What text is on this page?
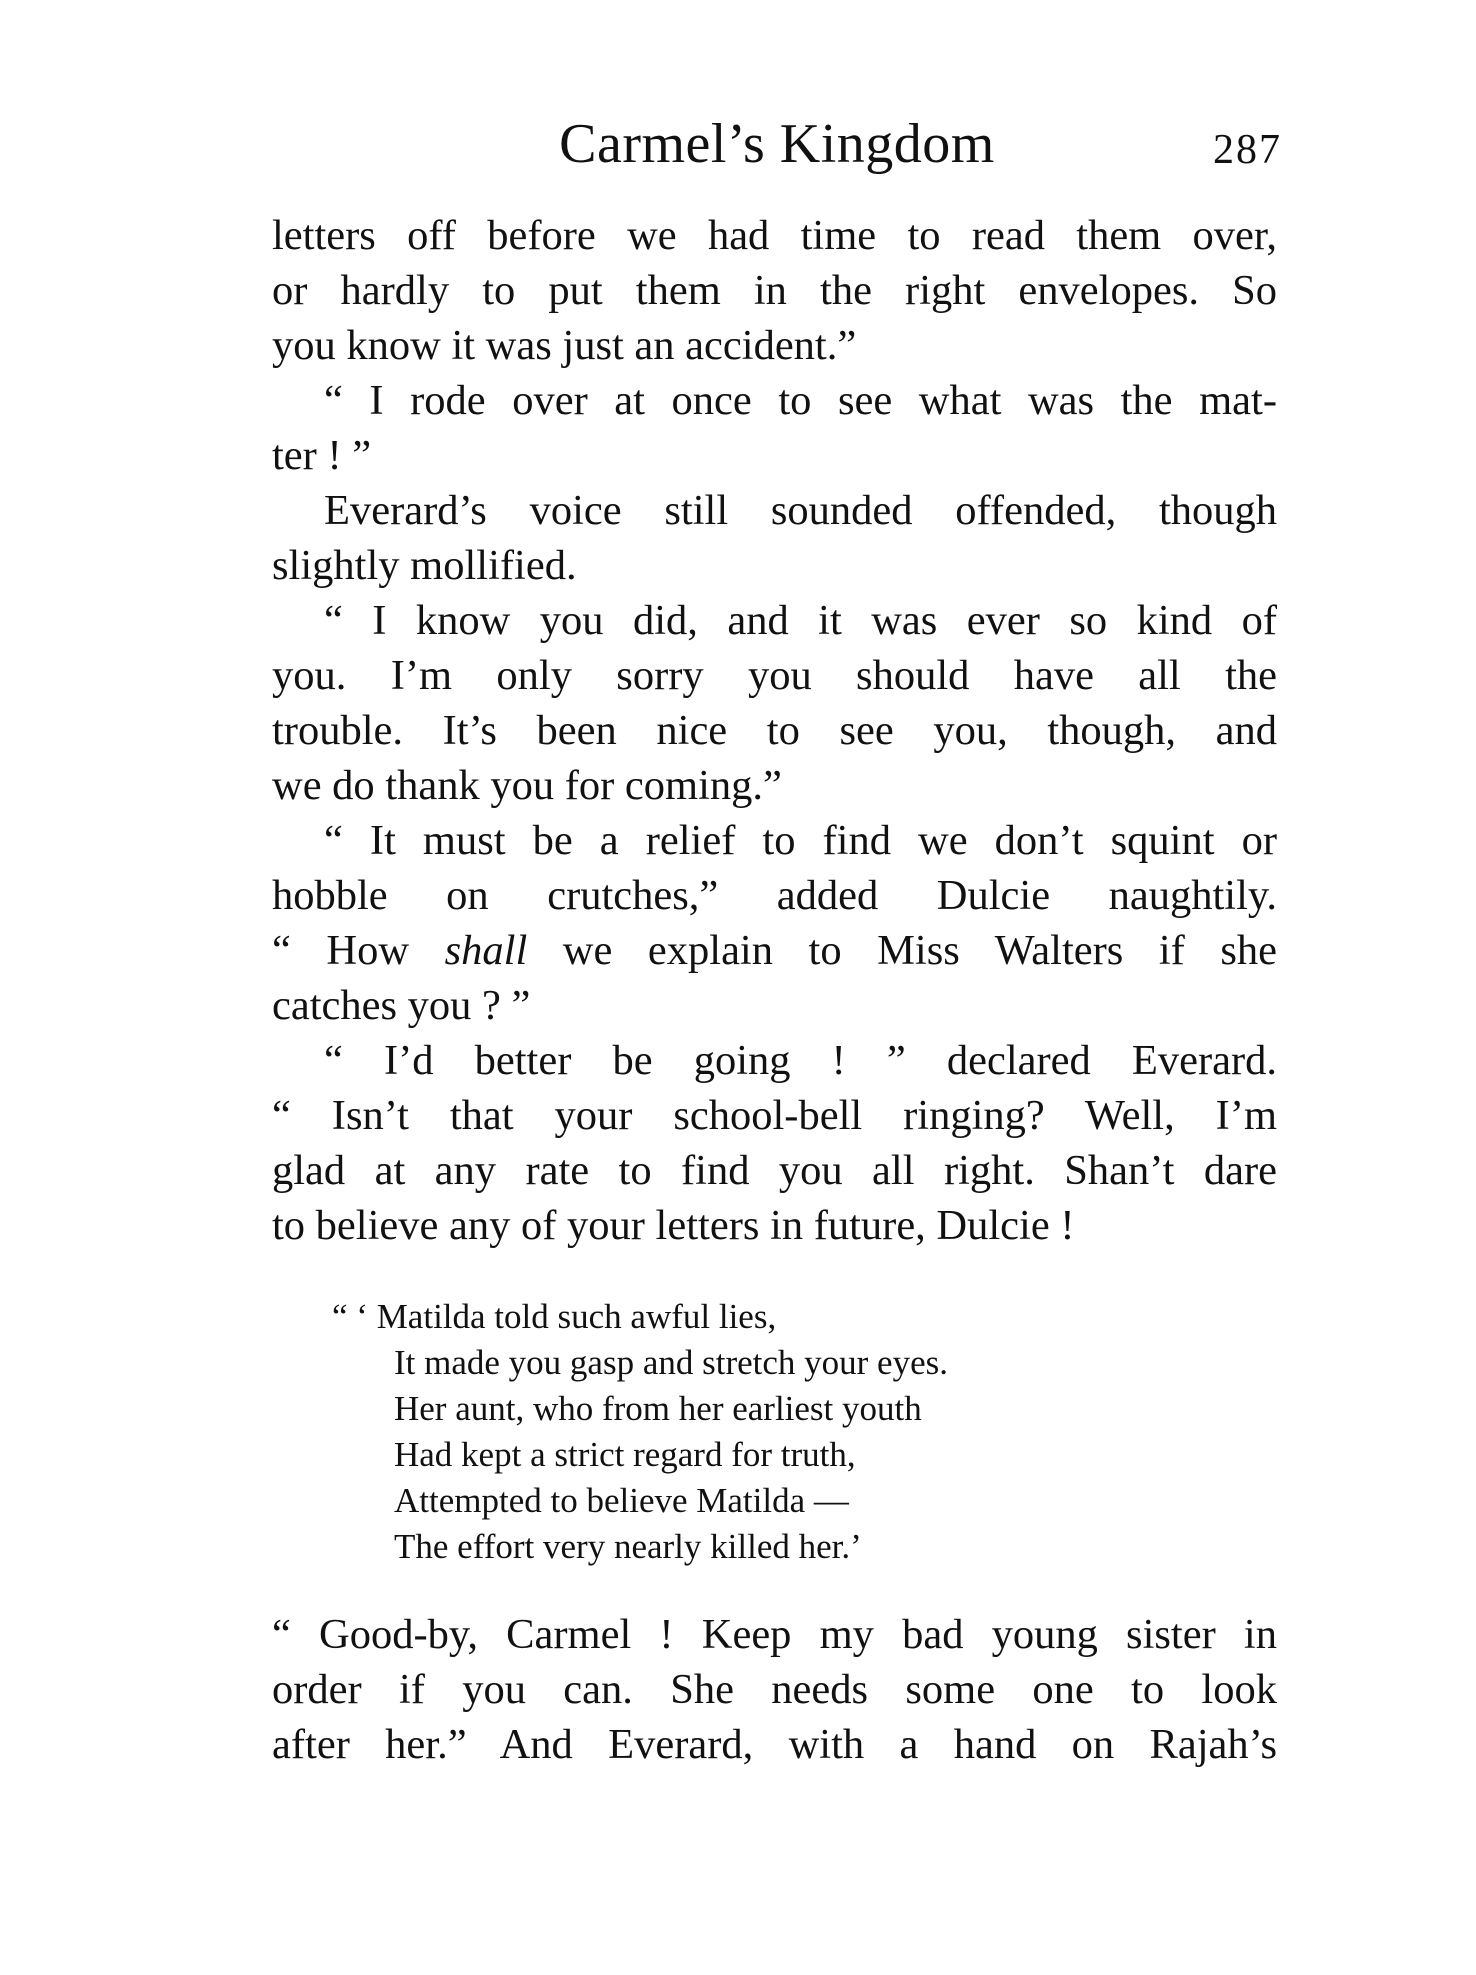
Carmel’s Kingdom	287
letters off before we had time to read them over,
or hardly to put them in the right envelopes. So
you know it was just an accident.”
“ I rode over at once to see what was the mat-
ter ! ”
Everard’s voice still sounded offended, though
slightly mollified.
“ I know you did, and it was ever so kind of
you. I’m only sorry you should have all the
trouble. It’s been nice to see you, though, and
we do thank you for coming.”
“ It must be a relief to find we don’t squint or
hobble on crutches,” added Dulcie naughtily.
“ How shall we explain to Miss Walters if she
catches you ? ”
“ I’d better be going ! ” declared Everard.
“ Isn’t that your school-bell ringing? Well, I’m
glad at any rate to find you all right. Shan’t dare
to believe any of your letters in future, Dulcie !
“ ‘ Matilda told such awful lies,
It made you gasp and stretch your eyes.
Her aunt, who from her earliest youth
Had kept a strict regard for truth,
Attempted to believe Matilda —
The effort very nearly killed her.’
“ Good-by, Carmel ! Keep my bad young sister in
order if you can. She needs some one to look
after her.” And Everard, with a hand on Rajah’s
